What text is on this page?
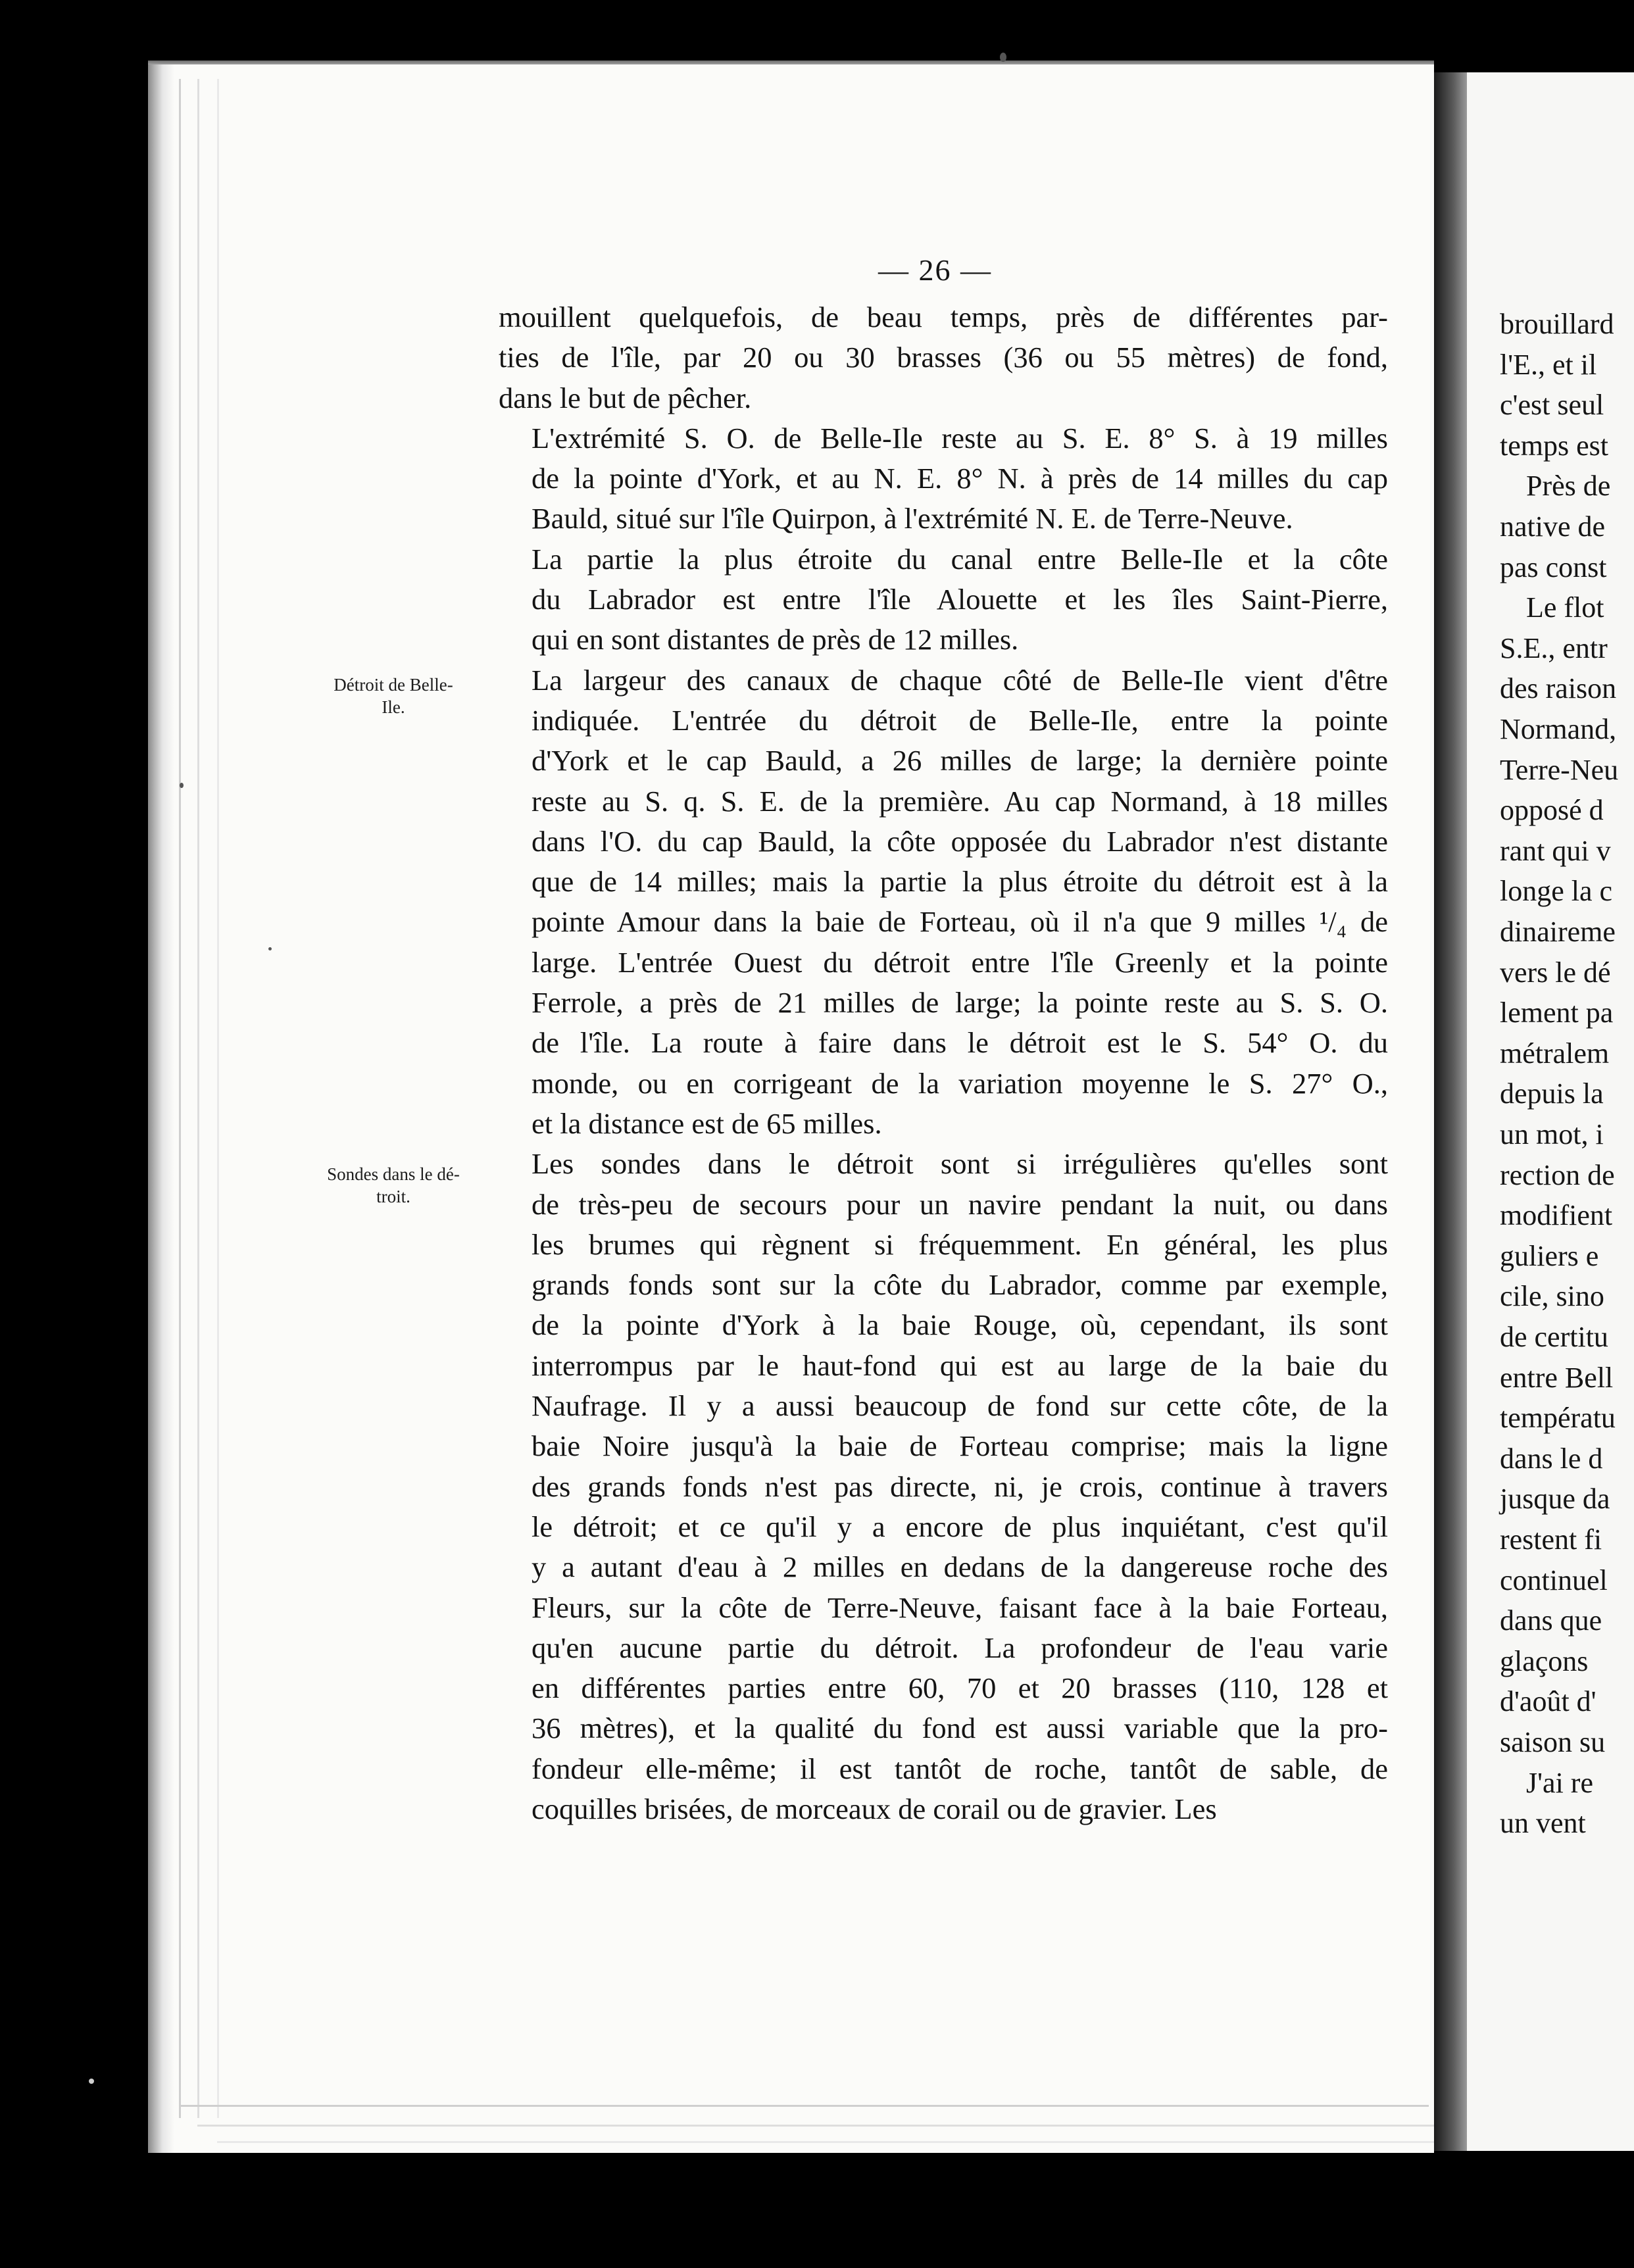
brouillard
l'E., et il
c'est seul
temps est
Près de
native de
pas const
Le flot
S.E., entr
des raison
Normand,
Terre-Neu
opposé d
rant qui v
longe la c
dinaireme
vers le dé
lement pa
métralem
depuis la
un mot, i
rection de
modifient
guliers e
cile, sino
de certitu
entre Bell
températu
dans le d
jusque da
restent fi
continuel
dans que
glaçons
d'août d'
saison su
J'ai re
un vent
— 26 —
Détroit de Belle-
Ile.
Sondes dans le dé-
troit.

mouillent quelquefois, de beau temps, près de différentes par-
ties de l'île, par 20 ou 30 brasses (36 ou 55 mètres) de fond,
dans le but de pêcher.

L'extrémité S. O. de Belle-Ile reste au S. E. 8° S. à 19 milles
de la pointe d'York, et au N. E. 8° N. à près de 14 milles du cap
Bauld, situé sur l'île Quirpon, à l'extrémité N. E. de Terre-Neuve.

La partie la plus étroite du canal entre Belle-Ile et la côte
du Labrador est entre l'île Alouette et les îles Saint-Pierre,
qui en sont distantes de près de 12 milles.

La largeur des canaux de chaque côté de Belle-Ile vient d'être
indiquée. L'entrée du détroit de Belle-Ile, entre la pointe
d'York et le cap Bauld, a 26 milles de large; la dernière pointe
reste au S. q. S. E. de la première. Au cap Normand, à 18 milles
dans l'O. du cap Bauld, la côte opposée du Labrador n'est distante
que de 14 milles; mais la partie la plus étroite du détroit est à la
pointe Amour dans la baie de Forteau, où il n'a que 9 milles ¹/₄ de
large. L'entrée Ouest du détroit entre l'île Greenly et la pointe
Ferrole, a près de 21 milles de large; la pointe reste au S. S. O.
de l'île. La route à faire dans le détroit est le S. 54° O. du
monde, ou en corrigeant de la variation moyenne le S. 27° O.,
et la distance est de 65 milles.

Les sondes dans le détroit sont si irrégulières qu'elles sont
de très-peu de secours pour un navire pendant la nuit, ou dans
les brumes qui règnent si fréquemment. En général, les plus
grands fonds sont sur la côte du Labrador, comme par exemple,
de la pointe d'York à la baie Rouge, où, cependant, ils sont
interrompus par le haut-fond qui est au large de la baie du
Naufrage. Il y a aussi beaucoup de fond sur cette côte, de la
baie Noire jusqu'à la baie de Forteau comprise; mais la ligne
des grands fonds n'est pas directe, ni, je crois, continue à travers
le détroit; et ce qu'il y a encore de plus inquiétant, c'est qu'il
y a autant d'eau à 2 milles en dedans de la dangereuse roche des
Fleurs, sur la côte de Terre-Neuve, faisant face à la baie Forteau,
qu'en aucune partie du détroit. La profondeur de l'eau varie
en différentes parties entre 60, 70 et 20 brasses (110, 128 et
36 mètres), et la qualité du fond est aussi variable que la pro-
fondeur elle-même; il est tantôt de roche, tantôt de sable, de
coquilles brisées, de morceaux de corail ou de gravier. Les
